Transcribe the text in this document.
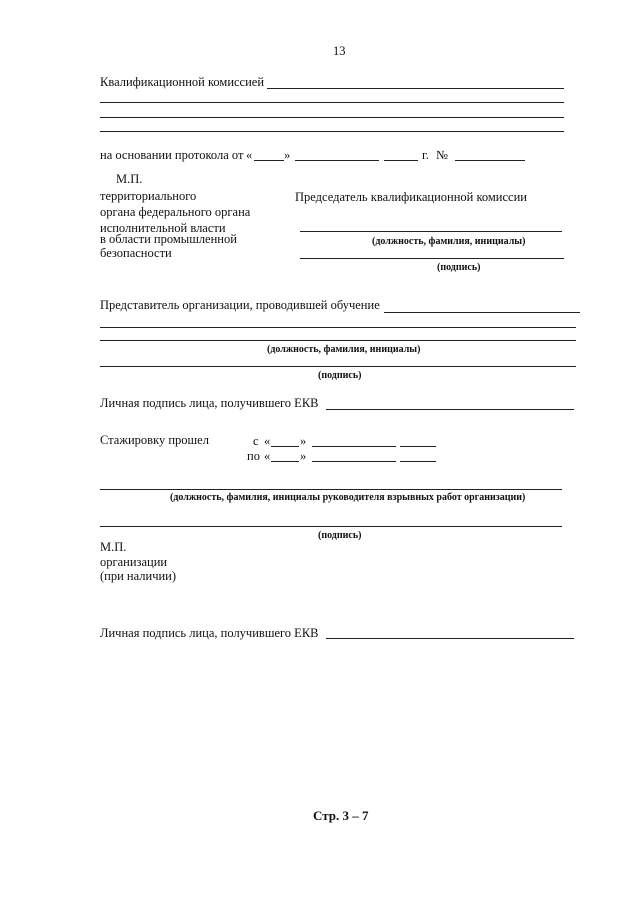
13
Квалификационной комиссией
на основании протокола от «	»	г. №
М.П.
территориального
органа федерального органа
исполнительной власти
в области промышленной
безопасности
Председатель квалификационной комиссии
(должность, фамилия, инициалы)
(подпись)
Представитель организации, проводившей обучение
(должность, фамилия, инициалы)
(подпись)
Личная подпись лица, получившего ЕКВ
Стажировку прошел	с « »
по « »
(должность, фамилия, инициалы руководителя взрывных работ организации)
(подпись)
М.П.
организации
(при наличии)
Личная подпись лица, получившего ЕКВ
Стр. 3 – 7
